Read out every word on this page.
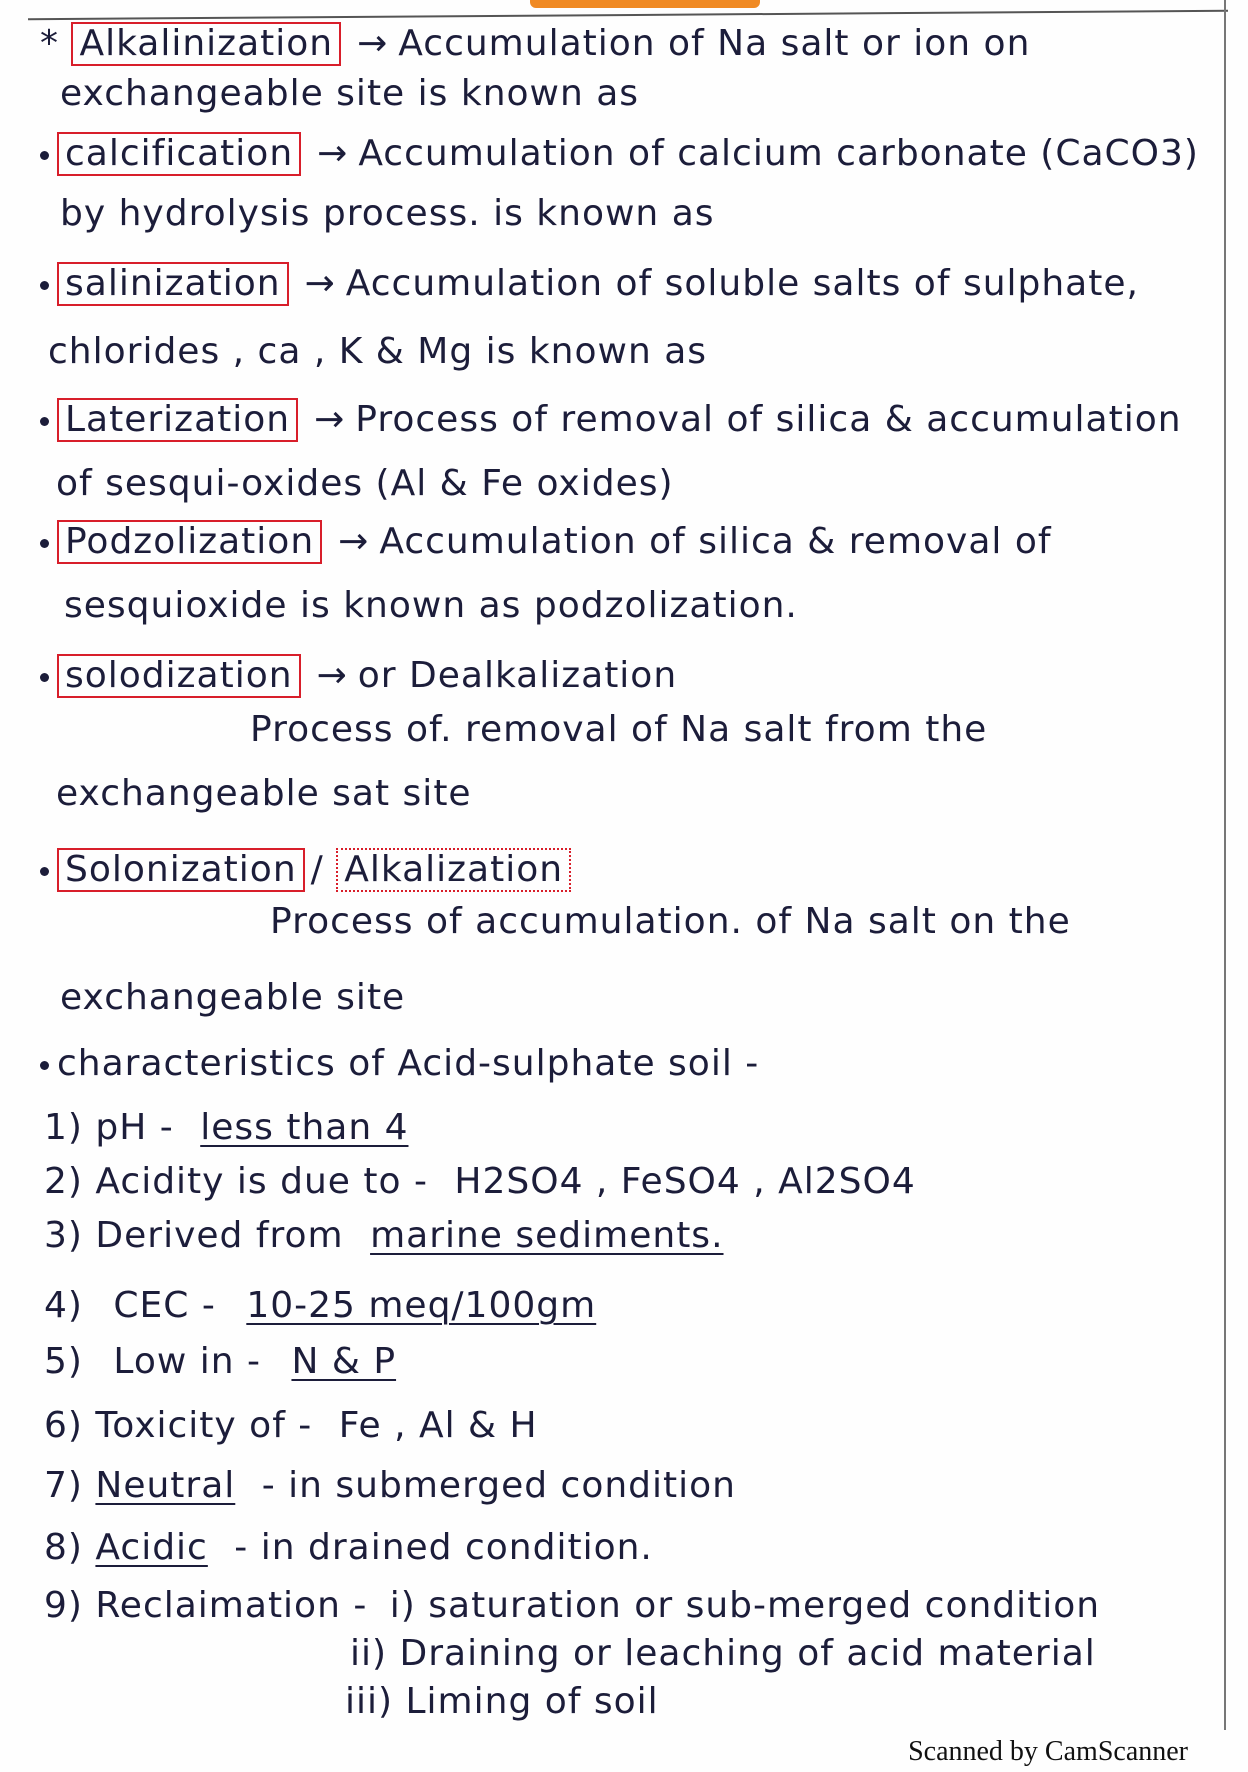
* Alkalinization → Accumulation of Na salt or ion on
exchangeable site is known as
calcification → Accumulation of calcium carbonate (CaCO3)
by hydrolysis process. is known as
salinization → Accumulation of soluble salts of sulphate,
chlorides , ca , K & Mg is known as
Laterization → Process of removal of silica & accumulation
of sesqui-oxides (Al & Fe oxides)
Podzolization → Accumulation of silica & removal of
sesquioxide is known as podzolization.
solodization → or Dealkalization
Process of. removal of Na salt from the
exchangeable sat site
Solonization / Alkalization
Process of accumulation. of Na salt on the
exchangeable site
characteristics of Acid-sulphate soil -
1) pH - less than 4
2) Acidity is due to - H2SO4 , FeSO4 , Al2SO4
3) Derived from marine sediments.
4) CEC - 10-25 meq/100gm
5) Low in - N & P
6) Toxicity of - Fe , Al & H
7) Neutral - in submerged condition
8) Acidic - in drained condition.
9) Reclaimation - i) saturation or sub-merged condition
ii) Draining or leaching of acid material
iii) Liming of soil
Scanned by CamScanner
